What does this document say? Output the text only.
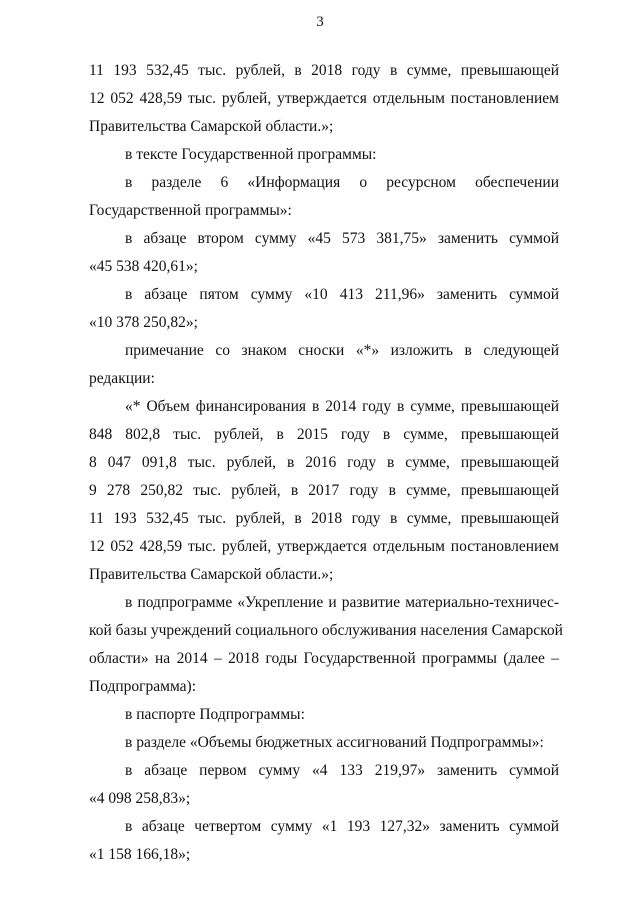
3
11 193 532,45 тыс. рублей, в 2018 году в сумме, превышающей
12 052 428,59 тыс. рублей, утверждается отдельным постановлением
Правительства Самарской области.»;
в тексте Государственной программы:
в разделе 6 «Информация о ресурсном обеспечении
Государственной программы»:
в абзаце втором сумму «45 573 381,75» заменить суммой
«45 538 420,61»;
в абзаце пятом сумму «10 413 211,96» заменить суммой
«10 378 250,82»;
примечание со знаком сноски «*» изложить в следующей
редакции:
«* Объем финансирования в 2014 году в сумме, превышающей
848 802,8 тыс. рублей, в 2015 году в сумме, превышающей
8 047 091,8 тыс. рублей, в 2016 году в сумме, превышающей
9 278 250,82 тыс. рублей, в 2017 году в сумме, превышающей
11 193 532,45 тыс. рублей, в 2018 году в сумме, превышающей
12 052 428,59 тыс. рублей, утверждается отдельным постановлением
Правительства Самарской области.»;
в подпрограмме «Укрепление и развитие материально-техничес-
кой базы учреждений социального обслуживания населения Самарской
области» на 2014 – 2018 годы Государственной программы (далее –
Подпрограмма):
в паспорте Подпрограммы:
в разделе «Объемы бюджетных ассигнований Подпрограммы»:
в абзаце первом сумму «4 133 219,97» заменить суммой
«4 098 258,83»;
в абзаце четвертом сумму «1 193 127,32» заменить суммой
«1 158 166,18»;
